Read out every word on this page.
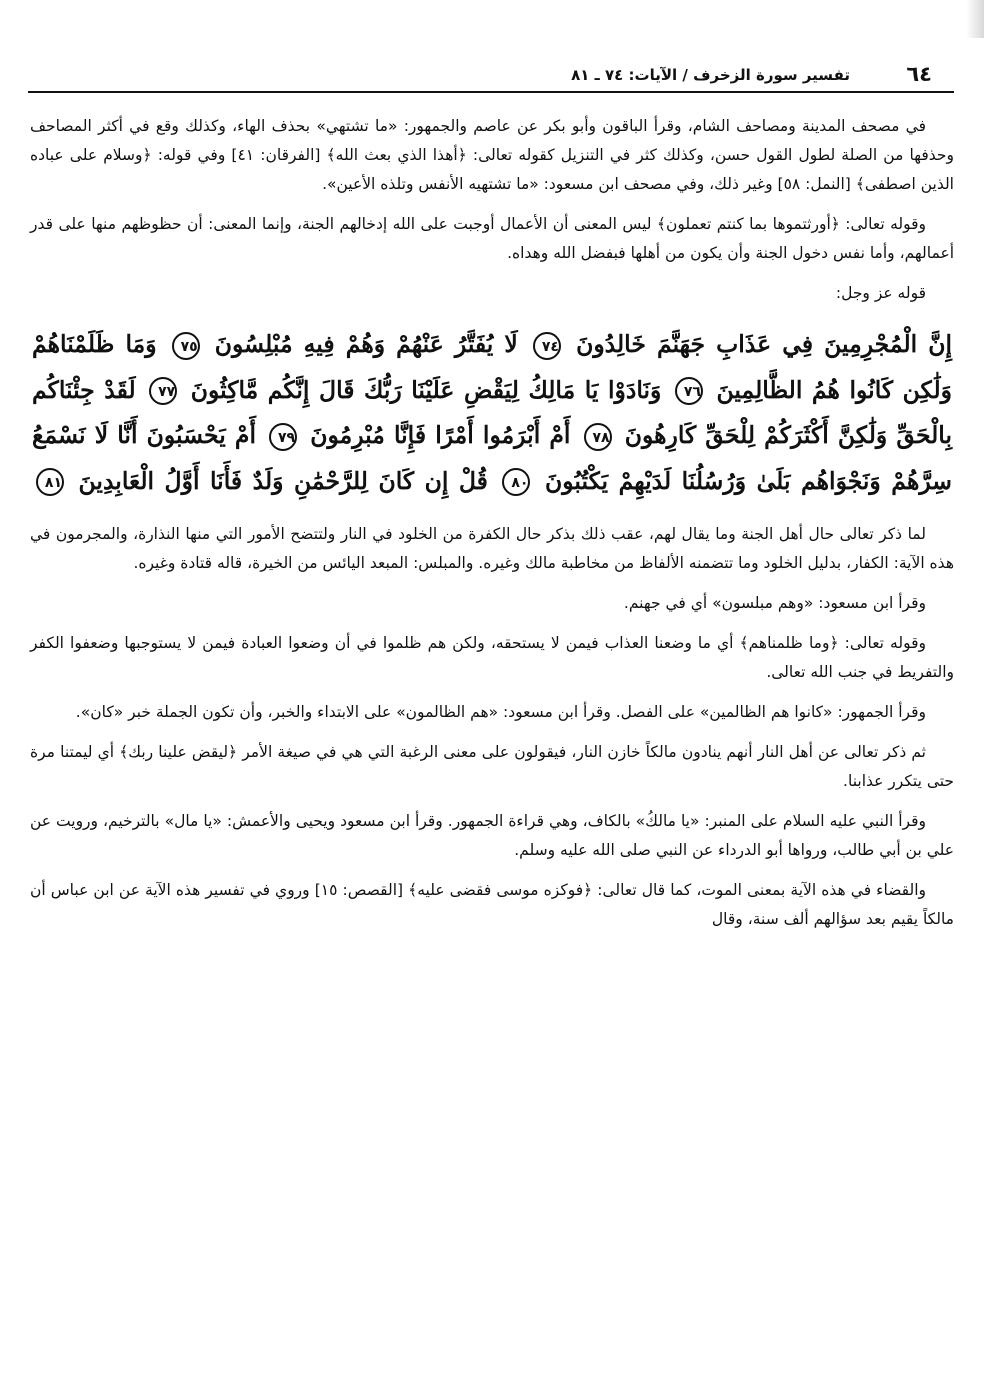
٦٤
تفسير سورة الزخرف / الآيات: ٧٤ ـ ٨١

في مصحف المدينة ومصاحف الشام، وقرأ الباقون وأبو بكر عن عاصم والجمهور: «ما تشتهي» بحذف الهاء، وكذلك وقع في أكثر المصاحف وحذفها من الصلة لطول القول حسن، وكذلك كثر في التنزيل كقوله تعالى: ﴿أهذا الذي بعث الله﴾ [الفرقان: ٤١] وفي قوله: ﴿وسلام على عباده الذين اصطفى﴾ [النمل: ٥٨] وغير ذلك، وفي مصحف ابن مسعود: «ما تشتهيه الأنفس وتلذه الأعين».

وقوله تعالى: ﴿أورثتموها بما كنتم تعملون﴾ ليس المعنى أن الأعمال أوجبت على الله إدخالهم الجنة، وإنما المعنى: أن حظوظهم منها على قدر أعمالهم، وأما نفس دخول الجنة وأن يكون من أهلها فبفضل الله وهداه.

قوله عز وجل:

إِنَّ الْمُجْرِمِينَ فِي عَذَابِ جَهَنَّمَ خَالِدُونَ ٧٤ لَا يُفَتَّرُ عَنْهُمْ وَهُمْ فِيهِ مُبْلِسُونَ ٧٥ وَمَا ظَلَمْنَاهُمْ وَلَٰكِن كَانُوا هُمُ الظَّالِمِينَ ٧٦ وَنَادَوْا يَا مَالِكُ لِيَقْضِ عَلَيْنَا رَبُّكَ قَالَ إِنَّكُم مَّاكِثُونَ ٧٧ لَقَدْ جِئْنَاكُم بِالْحَقِّ وَلَٰكِنَّ أَكْثَرَكُمْ لِلْحَقِّ كَارِهُونَ ٧٨ أَمْ أَبْرَمُوا أَمْرًا فَإِنَّا مُبْرِمُونَ ٧٩ أَمْ يَحْسَبُونَ أَنَّا لَا نَسْمَعُ سِرَّهُمْ وَنَجْوَاهُم بَلَىٰ وَرُسُلُنَا لَدَيْهِمْ يَكْتُبُونَ ٨٠ قُلْ إِن كَانَ لِلرَّحْمَٰنِ وَلَدٌ فَأَنَا أَوَّلُ الْعَابِدِينَ ٨١

لما ذكر تعالى حال أهل الجنة وما يقال لهم، عقب ذلك بذكر حال الكفرة من الخلود في النار ولتتضح الأمور التي منها النذارة، والمجرمون في هذه الآية: الكفار، بدليل الخلود وما تتضمنه الألفاظ من مخاطبة مالك وغيره. والمبلس: المبعد اليائس من الخيرة، قاله قتادة وغيره.

وقرأ ابن مسعود: «وهم مبلسون» أي في جهنم.

وقوله تعالى: ﴿وما ظلمناهم﴾ أي ما وضعنا العذاب فيمن لا يستحقه، ولكن هم ظلموا في أن وضعوا العبادة فيمن لا يستوجبها وضعفوا الكفر والتفريط في جنب الله تعالى.

وقرأ الجمهور: «كانوا هم الظالمين» على الفصل. وقرأ ابن مسعود: «هم الظالمون» على الابتداء والخبر، وأن تكون الجملة خبر «كان».

ثم ذكر تعالى عن أهل النار أنهم ينادون مالكاً خازن النار، فيقولون على معنى الرغبة التي هي في صيغة الأمر ﴿ليقض علينا ربك﴾ أي ليمتنا مرة حتى يتكرر عذابنا.

وقرأ النبي عليه السلام على المنبر: «يا مالكُ» بالكاف، وهي قراءة الجمهور. وقرأ ابن مسعود ويحيى والأعمش: «يا مال» بالترخيم، ورويت عن علي بن أبي طالب، ورواها أبو الدرداء عن النبي صلى الله عليه وسلم.

والقضاء في هذه الآية بمعنى الموت، كما قال تعالى: ﴿فوكزه موسى فقضى عليه﴾ [القصص: ١٥] وروي في تفسير هذه الآية عن ابن عباس أن مالكاً يقيم بعد سؤالهم ألف سنة، وقال
